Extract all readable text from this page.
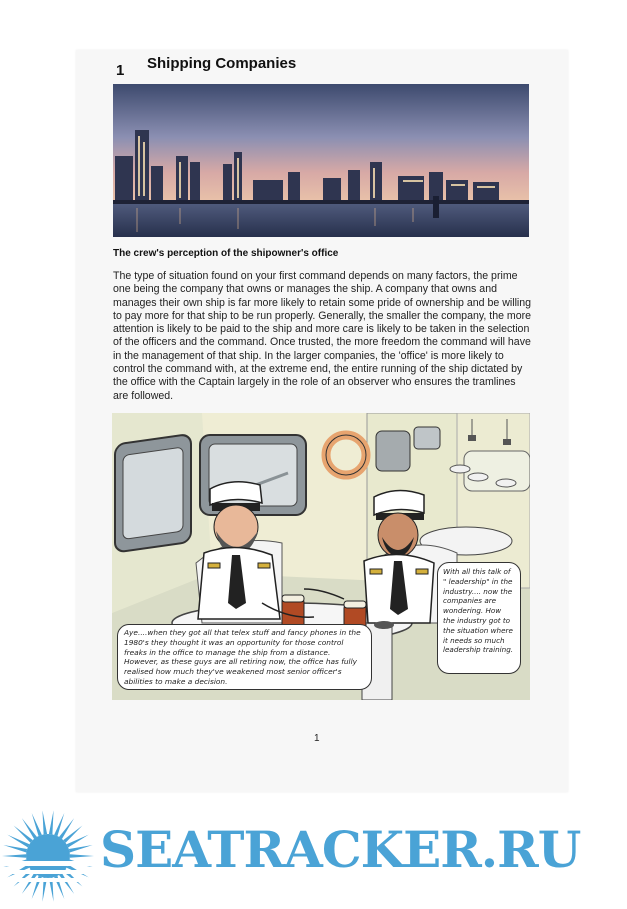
1 Shipping Companies
The crew's perception of the shipowner's office

The type of situation found on your first command depends on many factors, the prime one being the company that owns or manages the ship. A company that owns and manages their own ship is far more likely to retain some pride of ownership and be willing to pay more for that ship to be run properly. Generally, the smaller the company, the more attention is likely to be paid to the ship and more care is likely to be taken in the selection of the officers and the command. Once trusted, the more freedom the command will have in the management of that ship. In the larger companies, the 'office' is more likely to control the command with, at the extreme end, the entire running of the ship dictated by the office with the Captain largely in the role of an observer who ensures the tramlines are followed.

Aye....when they got all that telex stuff and fancy phones in the 1980's they thought it was an opportunity for those control freaks in the office to manage the ship from a distance. However, as these guys are all retiring now, the office has fully realised how much they've weakened most senior officer's abilities to make a decision.
With all this talk of " leadership" in the industry.... now the companies are wondering. How the industry got to the situation where it needs so much leadership training.
1
SEATRACKER.RU
